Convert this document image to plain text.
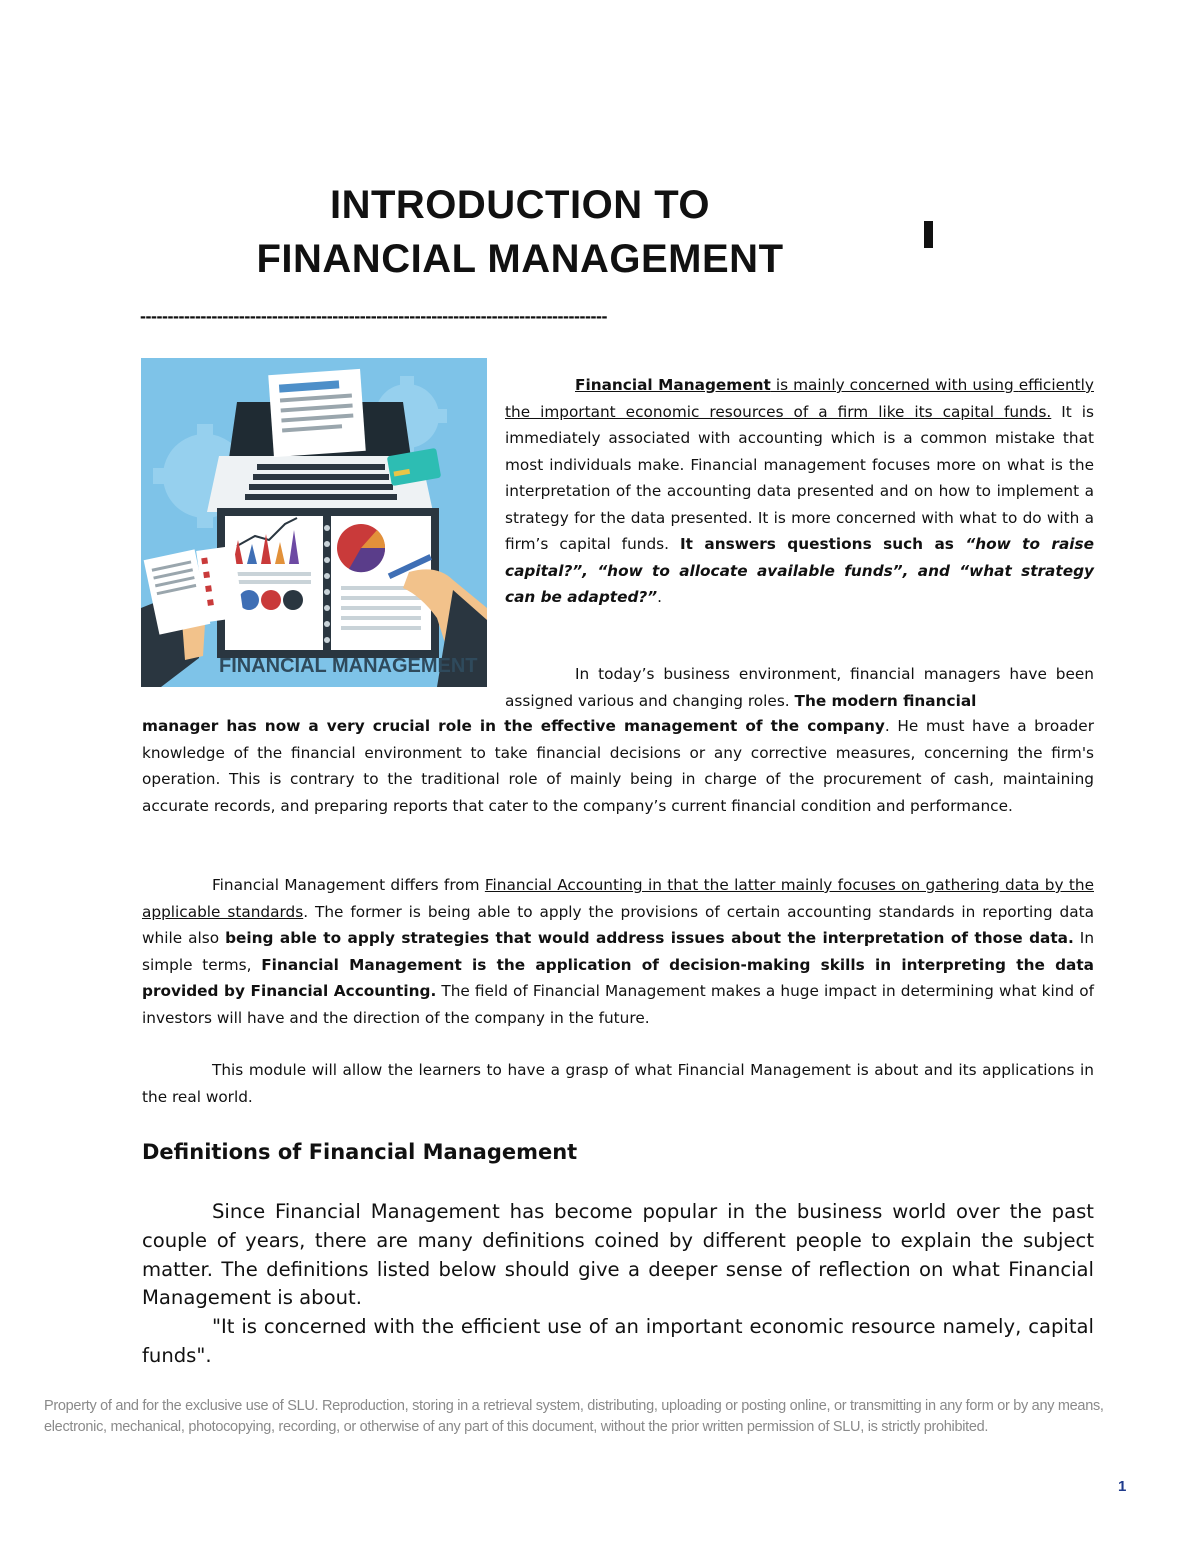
INTRODUCTION TO
FINANCIAL MANAGEMENT
-------------------------------------------------------------------------------------
FINANCIAL MANAGEMENT

Financial Management is mainly concerned with using efficiently the important economic resources of a firm like its capital funds. It is immediately associated with accounting which is a common mistake that most individuals make. Financial management focuses more on what is the interpretation of the accounting data presented and on how to implement a strategy for the data presented. It is more concerned with what to do with a firm’s capital funds. It answers questions such as “how to raise capital?”, “how to allocate available funds”, and “what strategy can be adapted?”.

In today’s business environment, financial managers have been assigned various and changing roles. The modern financial

manager has now a very crucial role in the effective management of the company. He must have a broader knowledge of the financial environment to take financial decisions or any corrective measures, concerning the firm's operation. This is contrary to the traditional role of mainly being in charge of the procurement of cash, maintaining accurate records, and preparing reports that cater to the company’s current financial condition and performance.

Financial Management differs from Financial Accounting in that the latter mainly focuses on gathering data by the applicable standards. The former is being able to apply the provisions of certain accounting standards in reporting data while also being able to apply strategies that would address issues about the interpretation of those data. In simple terms, Financial Management is the application of decision-making skills in interpreting the data provided by Financial Accounting. The field of Financial Management makes a huge impact in determining what kind of investors will have and the direction of the company in the future.

This module will allow the learners to have a grasp of what Financial Management is about and its applications in the real world.

Definitions of Financial Management

Since Financial Management has become popular in the business world over the past couple of years, there are many definitions coined by different people to explain the subject matter. The definitions listed below should give a deeper sense of reflection on what Financial Management is about.

"It is concerned with the efficient use of an important economic resource namely, capital funds".

Property of and for the exclusive use of SLU. Reproduction, storing in a retrieval system, distributing, uploading or posting online, or transmitting in any form or by any means, electronic, mechanical, photocopying, recording, or otherwise of any part of this document, without the prior written permission of SLU, is strictly prohibited.

1
